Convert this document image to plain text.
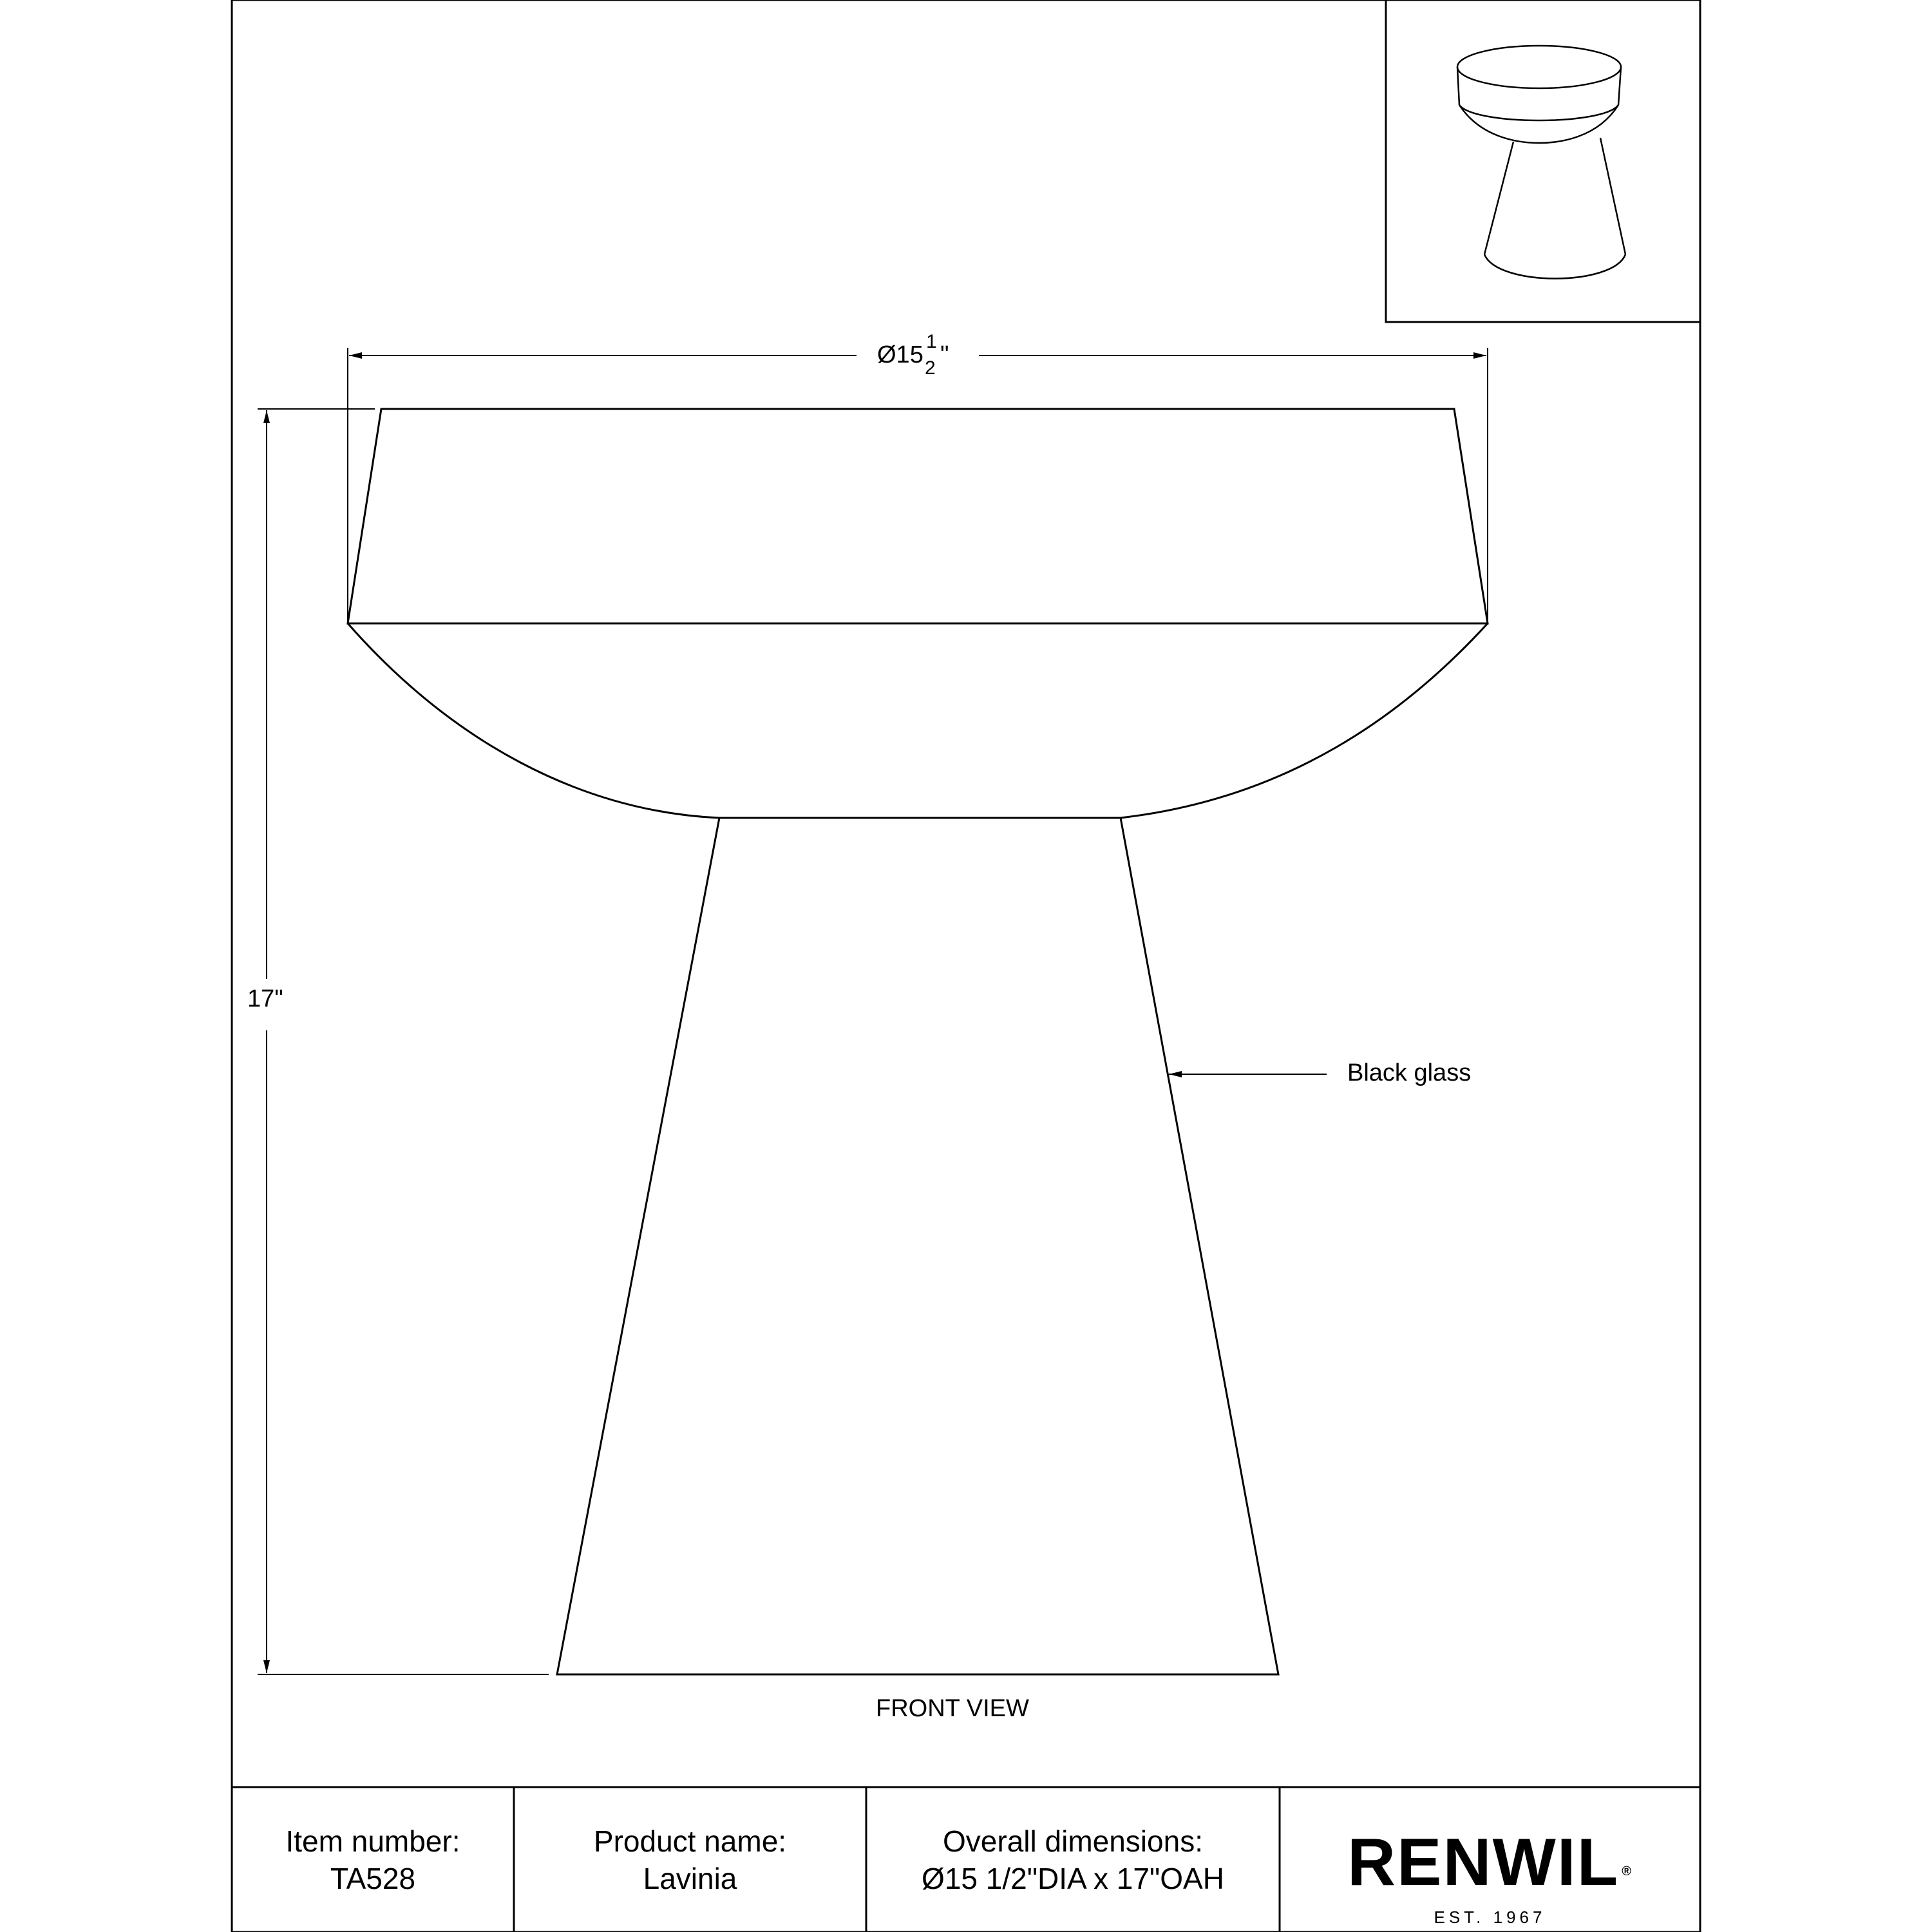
Ø15 1
2 "
17"
Black glass
FRONT VIEW
Item number:
TA528
Product name:
Lavinia
Overall dimensions:
Ø15 1/2"DIA x 17"OAH	RENWIL ®
EST. 1967
